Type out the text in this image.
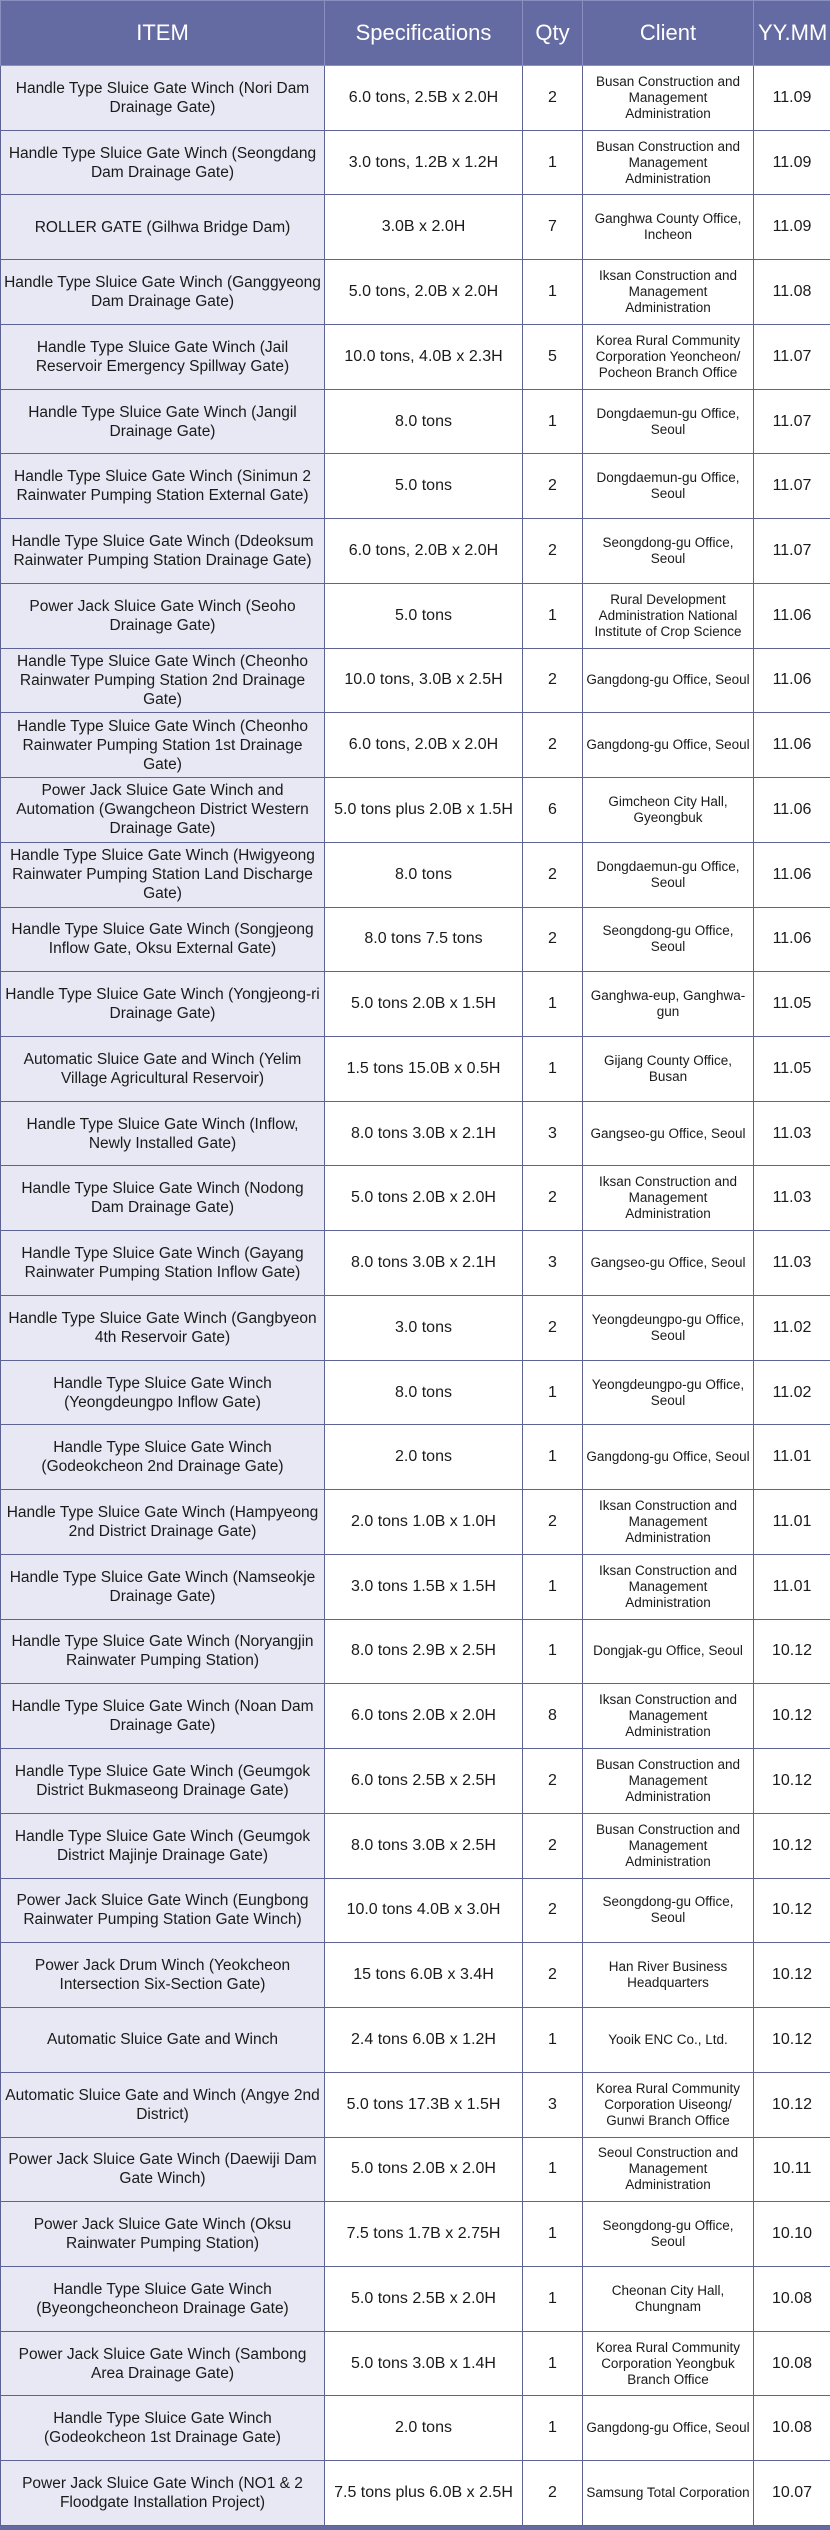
ITEM	Specifications	Qty	Client	YY.MM
Handle Type Sluice Gate Winch (Nori Dam Drainage Gate)	6.0 tons, 2.5B x 2.0H	2	Busan Construction and Management Administration	11.09
Handle Type Sluice Gate Winch (Seongdang Dam Drainage Gate)	3.0 tons, 1.2B x 1.2H	1	Busan Construction and Management Administration	11.09
ROLLER GATE (Gilhwa Bridge Dam)	3.0B x 2.0H	7	Ganghwa County Office, Incheon	11.09
Handle Type Sluice Gate Winch (Ganggyeong Dam Drainage Gate)	5.0 tons, 2.0B x 2.0H	1	Iksan Construction and Management Administration	11.08
Handle Type Sluice Gate Winch (Jail Reservoir Emergency Spillway Gate)	10.0 tons, 4.0B x 2.3H	5	Korea Rural Community Corporation Yeoncheon/ Pocheon Branch Office	11.07
Handle Type Sluice Gate Winch (Jangil Drainage Gate)	8.0 tons	1	Dongdaemun-gu Office, Seoul	11.07
Handle Type Sluice Gate Winch (Sinimun 2 Rainwater Pumping Station External Gate)	5.0 tons	2	Dongdaemun-gu Office, Seoul	11.07
Handle Type Sluice Gate Winch (Ddeoksum Rainwater Pumping Station Drainage Gate)	6.0 tons, 2.0B x 2.0H	2	Seongdong-gu Office, Seoul	11.07
Power Jack Sluice Gate Winch (Seoho Drainage Gate)	5.0 tons	1	Rural Development Administration National Institute of Crop Science	11.06
Handle Type Sluice Gate Winch (Cheonho Rainwater Pumping Station 2nd Drainage Gate)	10.0 tons, 3.0B x 2.5H	2	Gangdong-gu Office, Seoul	11.06
Handle Type Sluice Gate Winch (Cheonho Rainwater Pumping Station 1st Drainage Gate)	6.0 tons, 2.0B x 2.0H	2	Gangdong-gu Office, Seoul	11.06
Power Jack Sluice Gate Winch and Automation (Gwangcheon District Western Drainage Gate)	5.0 tons plus 2.0B x 1.5H	6	Gimcheon City Hall, Gyeongbuk	11.06
Handle Type Sluice Gate Winch (Hwigyeong Rainwater Pumping Station Land Discharge Gate)	8.0 tons	2	Dongdaemun-gu Office, Seoul	11.06
Handle Type Sluice Gate Winch (Songjeong Inflow Gate, Oksu External Gate)	8.0 tons 7.5 tons	2	Seongdong-gu Office, Seoul	11.06
Handle Type Sluice Gate Winch (Yongjeong-ri Drainage Gate)	5.0 tons 2.0B x 1.5H	1	Ganghwa-eup, Ganghwa-gun	11.05
Automatic Sluice Gate and Winch (Yelim Village Agricultural Reservoir)	1.5 tons 15.0B x 0.5H	1	Gijang County Office, Busan	11.05
Handle Type Sluice Gate Winch (Inflow, Newly Installed Gate)	8.0 tons 3.0B x 2.1H	3	Gangseo-gu Office, Seoul	11.03
Handle Type Sluice Gate Winch (Nodong Dam Drainage Gate)	5.0 tons 2.0B x 2.0H	2	Iksan Construction and Management Administration	11.03
Handle Type Sluice Gate Winch (Gayang Rainwater Pumping Station Inflow Gate)	8.0 tons 3.0B x 2.1H	3	Gangseo-gu Office, Seoul	11.03
Handle Type Sluice Gate Winch (Gangbyeon 4th Reservoir Gate)	3.0 tons	2	Yeongdeungpo-gu Office, Seoul	11.02
Handle Type Sluice Gate Winch (Yeongdeungpo Inflow Gate)	8.0 tons	1	Yeongdeungpo-gu Office, Seoul	11.02
Handle Type Sluice Gate Winch (Godeokcheon 2nd Drainage Gate)	2.0 tons	1	Gangdong-gu Office, Seoul	11.01
Handle Type Sluice Gate Winch (Hampyeong 2nd District Drainage Gate)	2.0 tons 1.0B x 1.0H	2	Iksan Construction and Management Administration	11.01
Handle Type Sluice Gate Winch (Namseokje Drainage Gate)	3.0 tons 1.5B x 1.5H	1	Iksan Construction and Management Administration	11.01
Handle Type Sluice Gate Winch (Noryangjin Rainwater Pumping Station)	8.0 tons 2.9B x 2.5H	1	Dongjak-gu Office, Seoul	10.12
Handle Type Sluice Gate Winch (Noan Dam Drainage Gate)	6.0 tons 2.0B x 2.0H	8	Iksan Construction and Management Administration	10.12
Handle Type Sluice Gate Winch (Geumgok District Bukmaseong Drainage Gate)	6.0 tons 2.5B x 2.5H	2	Busan Construction and Management Administration	10.12
Handle Type Sluice Gate Winch (Geumgok District Majinje Drainage Gate)	8.0 tons 3.0B x 2.5H	2	Busan Construction and Management Administration	10.12
Power Jack Sluice Gate Winch (Eungbong Rainwater Pumping Station Gate Winch)	10.0 tons 4.0B x 3.0H	2	Seongdong-gu Office, Seoul	10.12
Power Jack Drum Winch (Yeokcheon Intersection Six-Section Gate)	15 tons 6.0B x 3.4H	2	Han River Business Headquarters	10.12
Automatic Sluice Gate and Winch	2.4 tons 6.0B x 1.2H	1	Yooik ENC Co., Ltd.	10.12
Automatic Sluice Gate and Winch (Angye 2nd District)	5.0 tons 17.3B x 1.5H	3	Korea Rural Community Corporation Uiseong/ Gunwi Branch Office	10.12
Power Jack Sluice Gate Winch (Daewiji Dam Gate Winch)	5.0 tons 2.0B x 2.0H	1	Seoul Construction and Management Administration	10.11
Power Jack Sluice Gate Winch (Oksu Rainwater Pumping Station)	7.5 tons 1.7B x 2.75H	1	Seongdong-gu Office, Seoul	10.10
Handle Type Sluice Gate Winch (Byeongcheoncheon Drainage Gate)	5.0 tons 2.5B x 2.0H	1	Cheonan City Hall, Chungnam	10.08
Power Jack Sluice Gate Winch (Sambong Area Drainage Gate)	5.0 tons 3.0B x 1.4H	1	Korea Rural Community Corporation Yeongbuk Branch Office	10.08
Handle Type Sluice Gate Winch (Godeokcheon 1st Drainage Gate)	2.0 tons	1	Gangdong-gu Office, Seoul	10.08
Power Jack Sluice Gate Winch (NO1 & 2 Floodgate Installation Project)	7.5 tons plus 6.0B x 2.5H	2	Samsung Total Corporation	10.07
